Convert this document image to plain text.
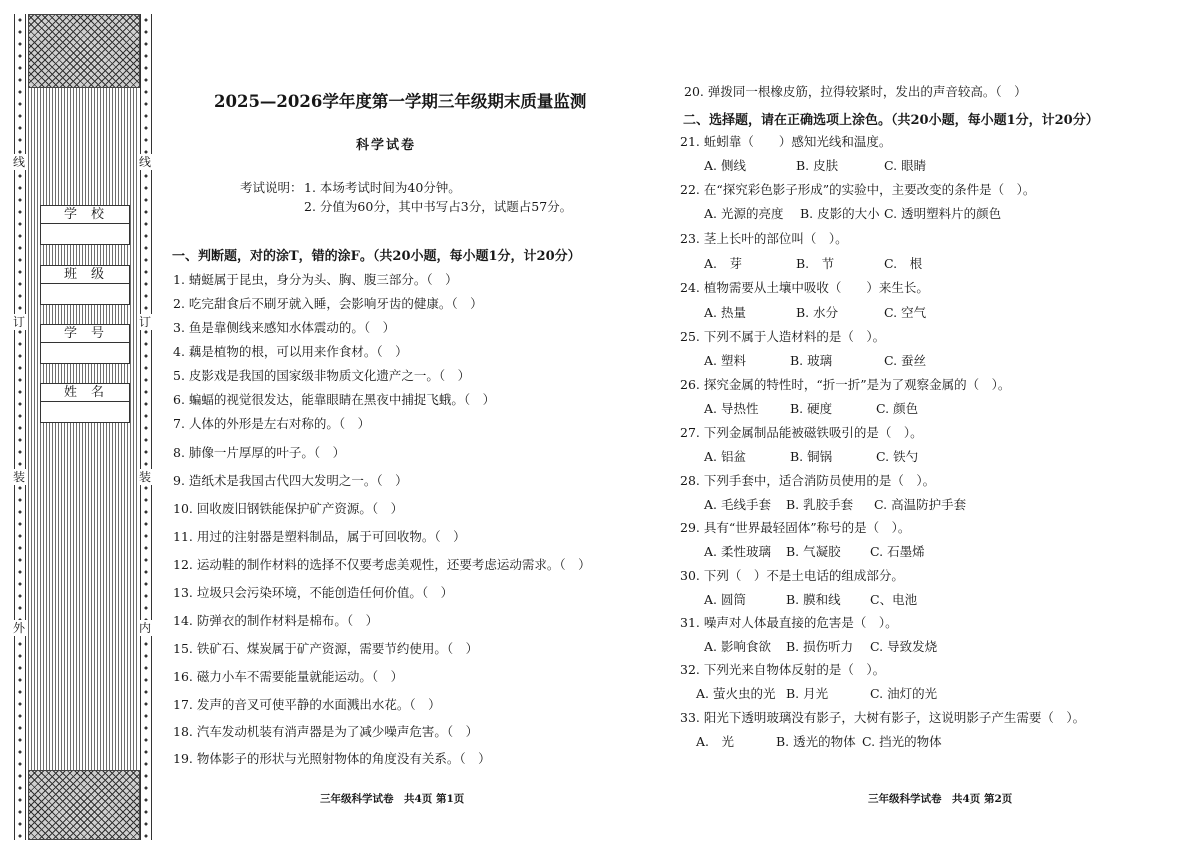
线
订
装
外
线
订
装
内
学校
班级
学号
姓名
2025—2026学年度第一学期三年级期末质量监测
科学试卷
考试说明： 1. 本场考试时间为40分钟。
2. 分值为60分，其中书写占3分，试题占57分。
一、判断题，对的涂T，错的涂F。（共20小题，每小题1分，计20分）
1. 蜻蜓属于昆虫，身分为头、胸、腹三部分。（　）
2. 吃完甜食后不刷牙就入睡，会影响牙齿的健康。（　）
3. 鱼是靠侧线来感知水体震动的。（　）
4. 藕是植物的根，可以用来作食材。（　）
5. 皮影戏是我国的国家级非物质文化遗产之一。（　）
6. 蝙蝠的视觉很发达，能靠眼睛在黑夜中捕捉飞蛾。（　）
7. 人体的外形是左右对称的。（　）
8. 肺像一片厚厚的叶子。（　）
9. 造纸术是我国古代四大发明之一。（　）
10. 回收废旧钢铁能保护矿产资源。（　）
11. 用过的注射器是塑料制品，属于可回收物。（　）
12. 运动鞋的制作材料的选择不仅要考虑美观性，还要考虑运动需求。（　）
13. 垃圾只会污染环境，不能创造任何价值。（　）
14. 防弹衣的制作材料是棉布。（　）
15. 铁矿石、煤炭属于矿产资源，需要节约使用。（　）
16. 磁力小车不需要能量就能运动。（　）
17. 发声的音叉可使平静的水面溅出水花。（　）
18. 汽车发动机装有消声器是为了减少噪声危害。（　）
19. 物体影子的形状与光照射物体的角度没有关系。（　）
三年级科学试卷　共4页 第1页
20. 弹拨同一根橡皮筋，拉得较紧时，发出的声音较高。（　）
二、选择题，请在正确选项上涂色。（共20小题，每小题1分，计20分）
21. 蚯蚓靠（　　）感知光线和温度。
A. 侧线	B. 皮肤	C. 眼睛
22. 在“探究彩色影子形成”的实验中，主要改变的条件是（　）。
A. 光源的亮度 B. 皮影的大小 C. 透明塑料片的颜色
23. 茎上长叶的部位叫（　）。
A.　芽	B.　节	C.　根
24. 植物需要从土壤中吸收（　　）来生长。
A. 热量	B. 水分	C. 空气
25. 下列不属于人造材料的是（　）。
A. 塑料	B. 玻璃	C. 蚕丝
26. 探究金属的特性时，“折一折”是为了观察金属的（　）。
A. 导热性	B. 硬度	C. 颜色
27. 下列金属制品能被磁铁吸引的是（　）。
A. 铝盆	B. 铜锅	C. 铁勺
28. 下列手套中，适合消防员使用的是（　）。
A. 毛线手套 B. 乳胶手套 C. 高温防护手套
29. 具有“世界最轻固体”称号的是（　）。
A. 柔性玻璃 B. 气凝胶 C. 石墨烯
30. 下列（　）不是土电话的组成部分。
A. 圆筒	B. 膜和线 C、电池
31. 噪声对人体最直接的危害是（　）。
A. 影响食欲 B. 损伤听力 C. 导致发烧
32. 下列光来自物体反射的是（　）。
A. 萤火虫的光 B. 月光	C. 油灯的光
33. 阳光下透明玻璃没有影子，大树有影子，这说明影子产生需要（　）。
A.　光	B. 透光的物体 C. 挡光的物体
三年级科学试卷　共4页 第2页
